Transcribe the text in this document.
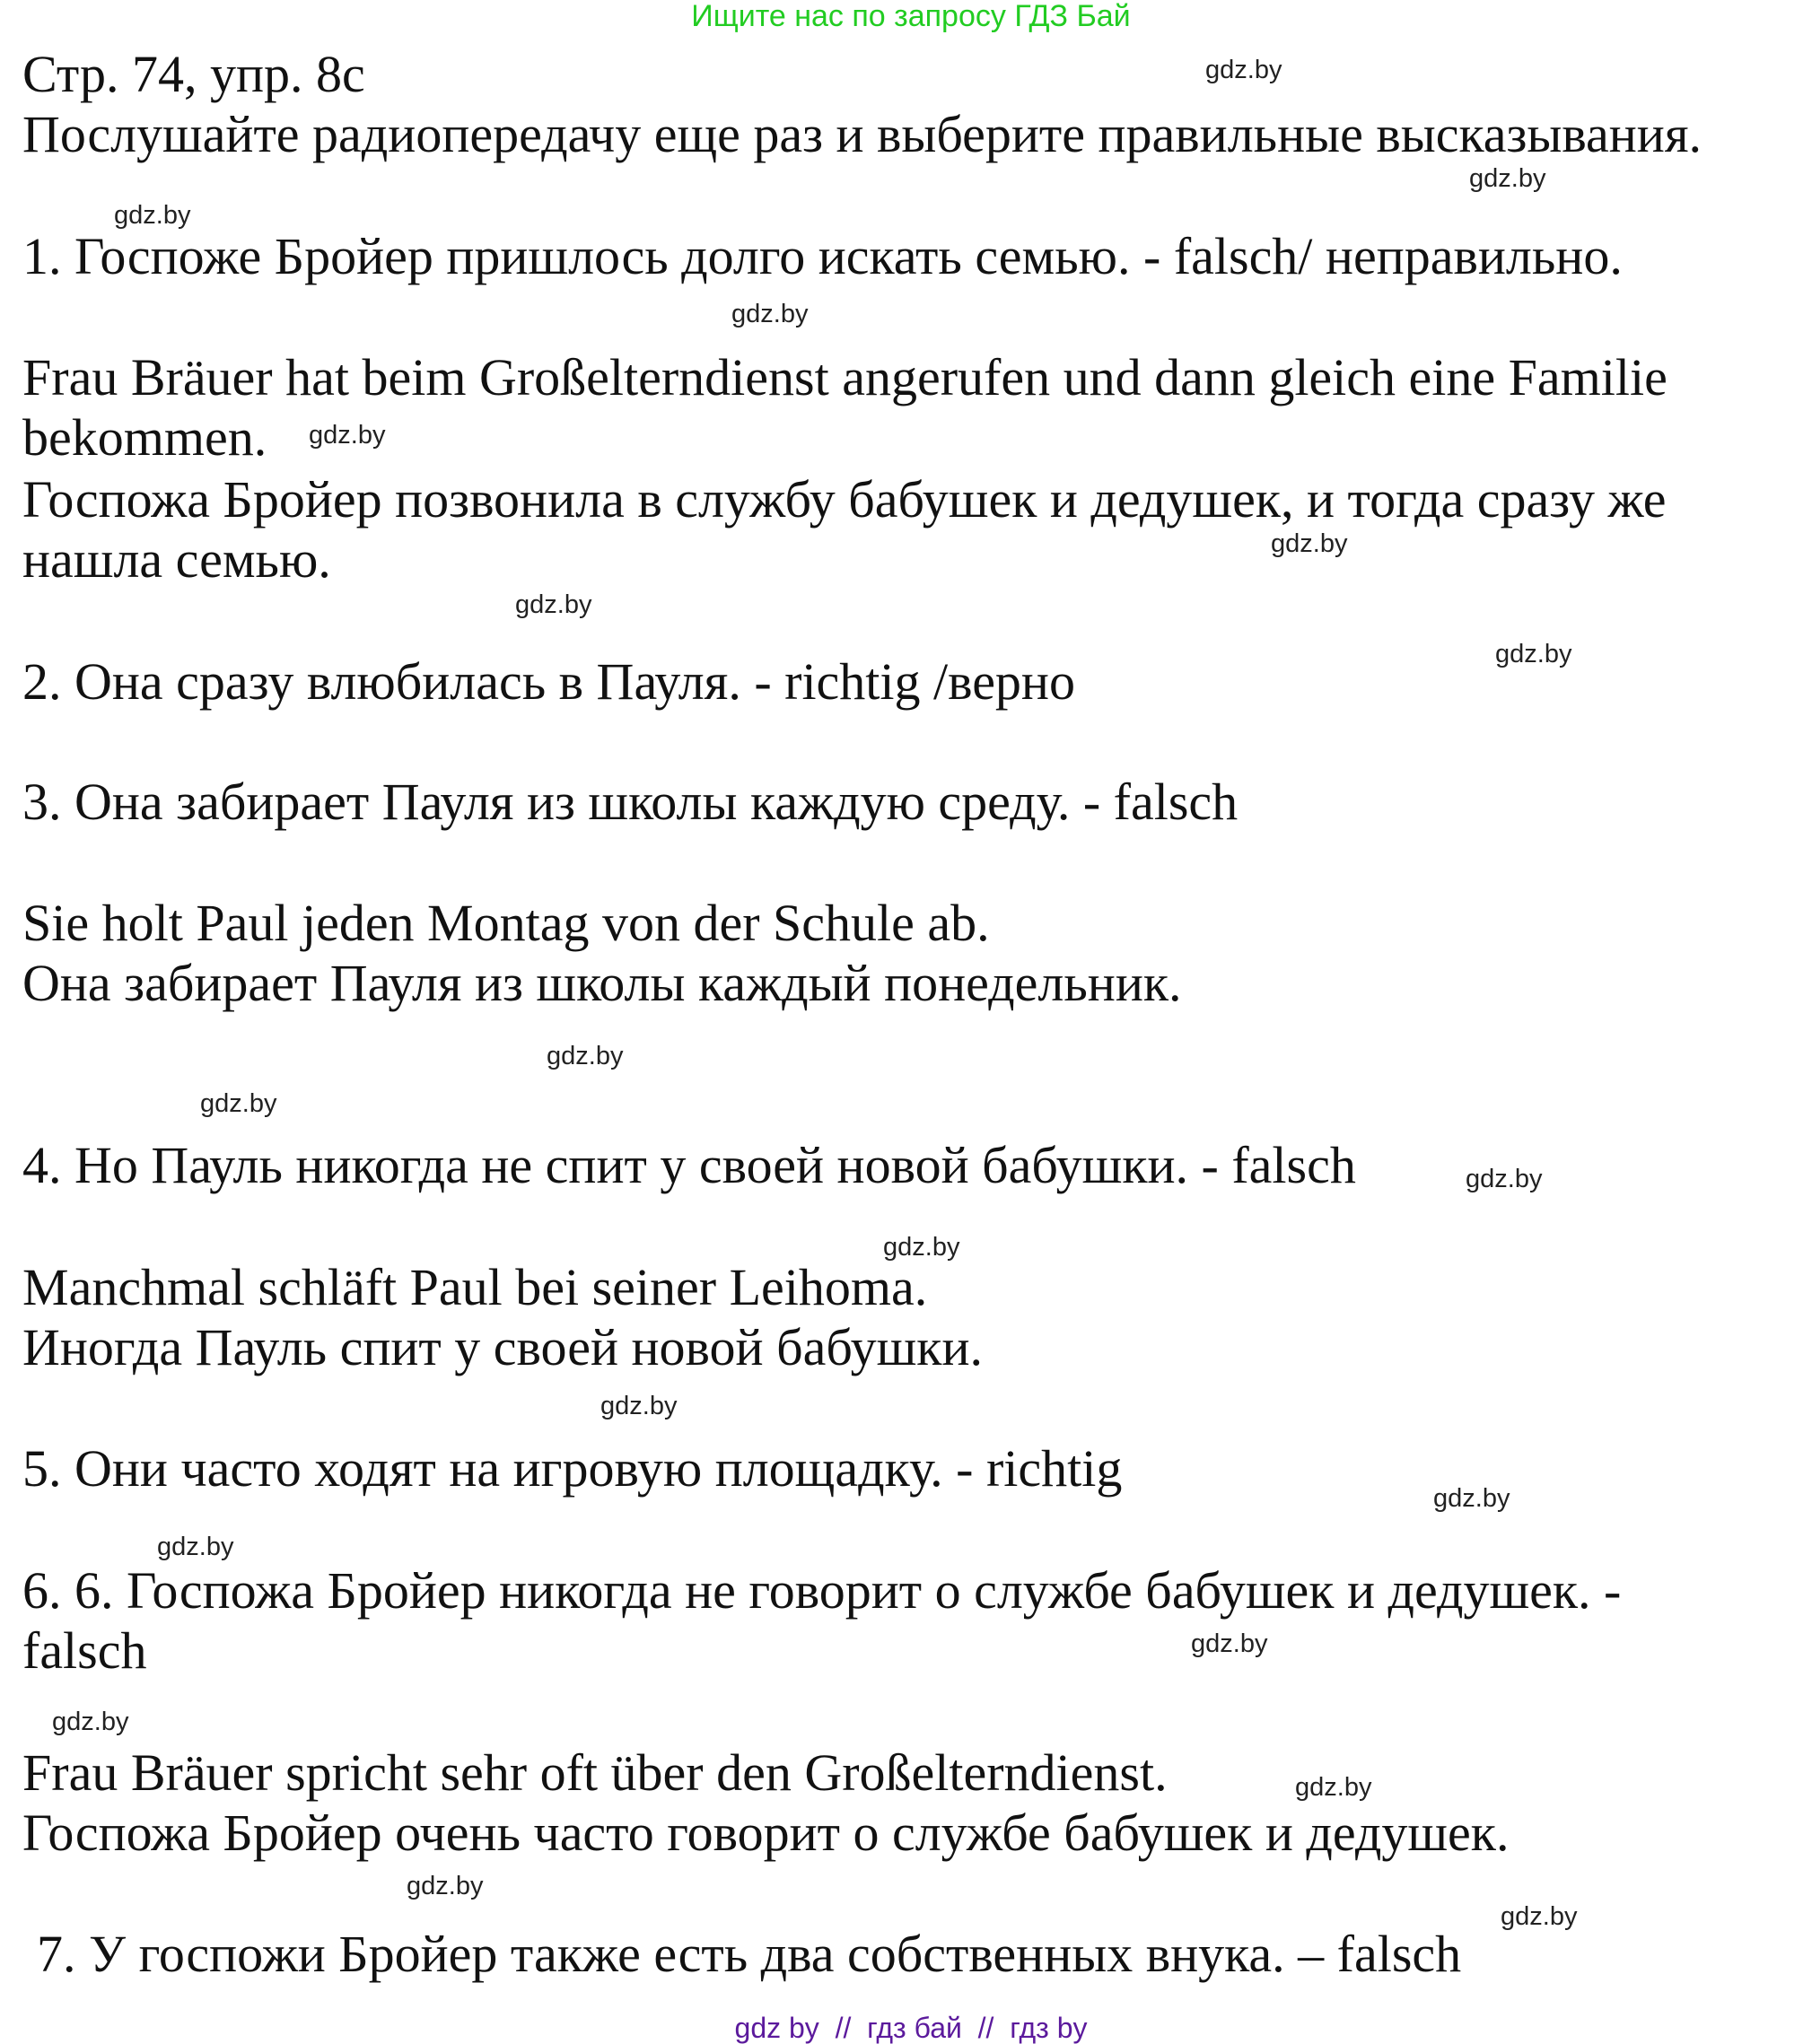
Ищите нас по запросу ГДЗ Бай
Стр. 74, упр. 8c
Послушайте радиопередачу еще раз и выберите правильные высказывания.
1. Госпоже Бройер пришлось долго искать семью. - falsch/ неправильно.
Frau Bräuer hat beim Großelterndienst angerufen und dann gleich eine Familie
bekommen.
Госпожа Бройер позвонила в службу бабушек и дедушек, и тогда сразу же
нашла семью.
2. Она сразу влюбилась в Пауля. - richtig /верно
3. Она забирает Пауля из школы каждую среду. - falsch
Sie holt Paul jeden Montag von der Schule ab.
Она забирает Пауля из школы каждый понедельник.
4. Но Пауль никогда не спит у своей новой бабушки. - falsch
Manchmal schläft Paul bei seiner Leihoma.
Иногда Пауль спит у своей новой бабушки.
5. Они часто ходят на игровую площадку. - richtig
6. 6. Госпожа Бройер никогда не говорит о службе бабушек и дедушек. -
falsch
Frau Bräuer spricht sehr oft über den Großelterndienst.
Госпожа Бройер очень часто говорит о службе бабушек и дедушек.
7. У госпожи Бройер также есть два собственных внука. – falsch
gdz.by
gdz.by
gdz.by
gdz.by
gdz.by
gdz.by
gdz.by
gdz.by
gdz.by
gdz.by
gdz.by
gdz.by
gdz.by
gdz.by
gdz.by
gdz.by
gdz.by
gdz.by
gdz.by
gdz.by
gdz by  //  гдз бай  //  гдз by
